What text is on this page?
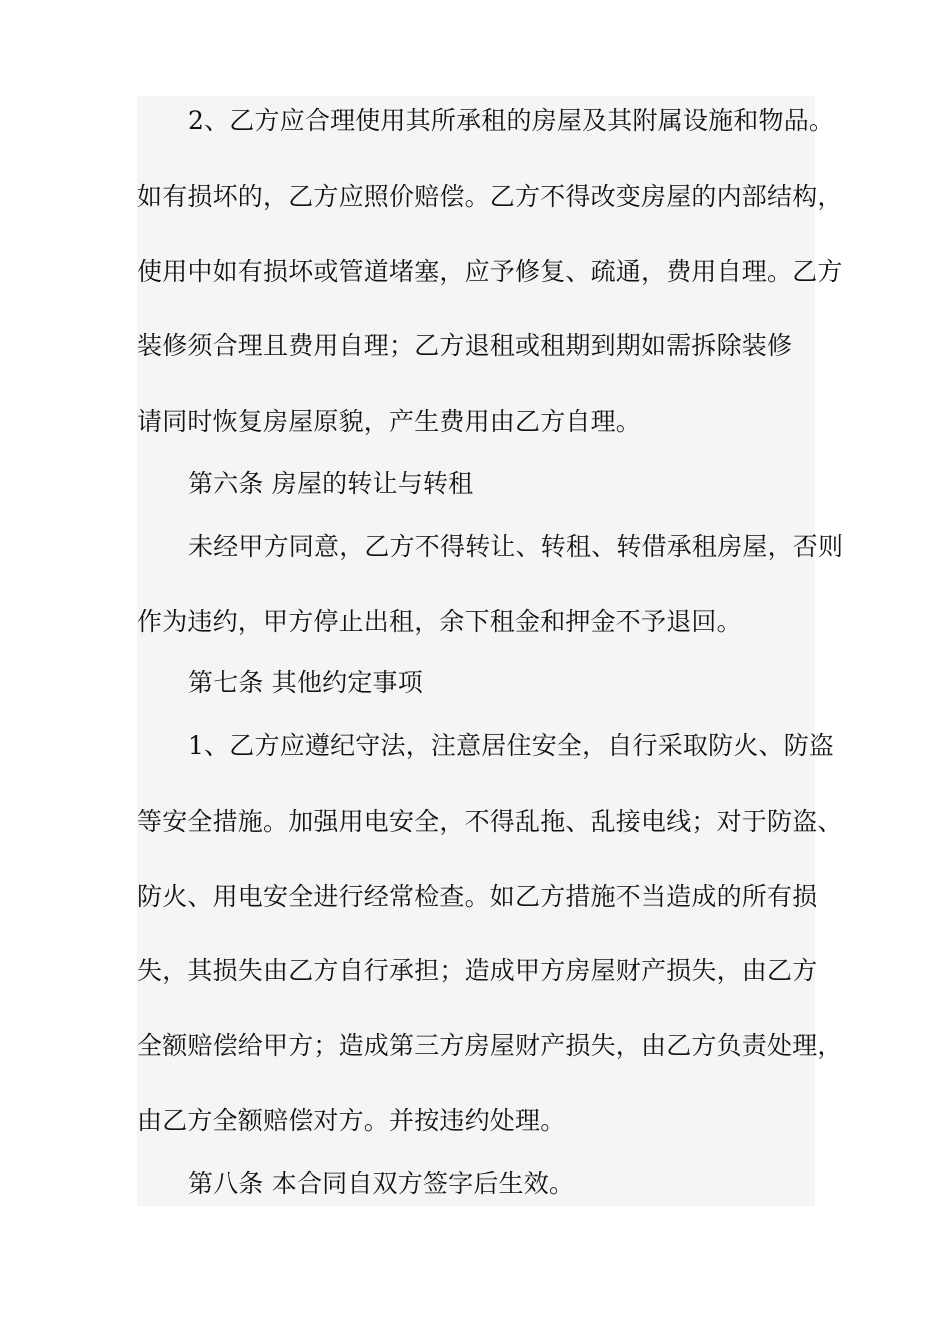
2、乙方应合理使用其所承租的房屋及其附属设施和物品。
如有损坏的，乙方应照价赔偿。乙方不得改变房屋的内部结构，
使用中如有损坏或管道堵塞，应予修复、疏通，费用自理。乙方
装修须合理且费用自理；乙方退租或租期到期如需拆除装修
请同时恢复房屋原貌，产生费用由乙方自理。
第六条 房屋的转让与转租
未经甲方同意，乙方不得转让、转租、转借承租房屋，否则
作为违约，甲方停止出租，余下租金和押金不予退回。
第七条 其他约定事项
1、乙方应遵纪守法，注意居住安全，自行采取防火、防盗
等安全措施。加强用电安全，不得乱拖、乱接电线；对于防盗、
防火、用电安全进行经常检查。如乙方措施不当造成的所有损
失，其损失由乙方自行承担；造成甲方房屋财产损失，由乙方
全额赔偿给甲方；造成第三方房屋财产损失，由乙方负责处理，
由乙方全额赔偿对方。并按违约处理。
第八条 本合同自双方签字后生效。
